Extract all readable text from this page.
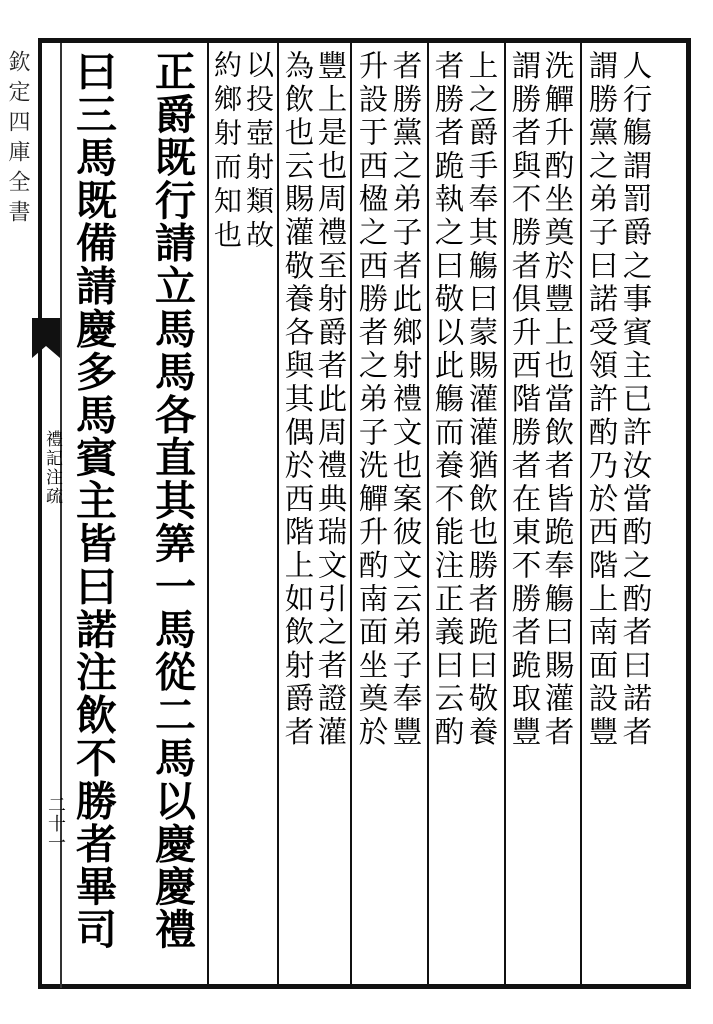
欽定四庫全書
禮記注疏
二十一
人行觴謂罰爵之事賓主已許汝當酌之酌者曰諾者
謂勝黨之弟子曰諾受領許酌乃於西階上南面設豐
洗觶升酌坐奠於豐上也當飲者皆跪奉觴曰賜灌者
謂勝者與不勝者俱升西階勝者在東不勝者跪取豐
上之爵手奉其觴曰蒙賜灌灌猶飲也勝者跪曰敬養
者勝者跪執之曰敬以此觴而養不能注正義曰云酌
者勝黨之弟子者此鄉射禮文也案彼文云弟子奉豐
升設于西楹之西勝者之弟子洗觶升酌南面坐奠於
豐上是也周禮至射爵者此周禮典瑞文引之者證灌
為飲也云賜灌敬養各與其偶於西階上如飲射爵者
以投壺射類故
約鄉射而知也
正爵既行請立馬馬各直其筭一馬從二馬以慶慶禮
曰三馬既備請慶多馬賓主皆曰諾注飲不勝者畢司
